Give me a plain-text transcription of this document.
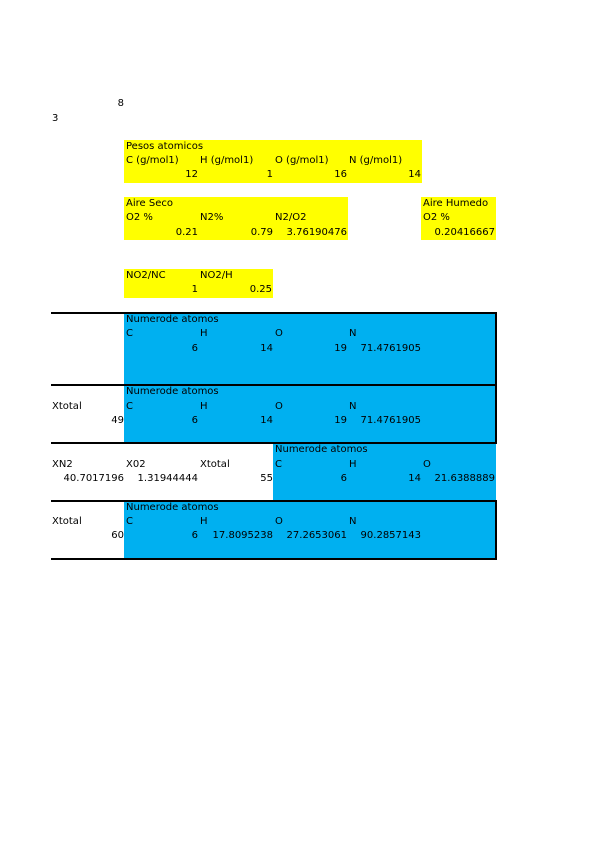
8
3
Pesos atomicos
C (g/mol1) H (g/mol1) O (g/mol1) N (g/mol1)
12	1	16	14
Aire Seco
O2 %	N2%	N2/O2
0.21	0.79	3.76190476
Aire Humedo
O2 %
0.20416667
NO2/NC	NO2/H
1	0.25
Numerode atomos
C	H	O	N
6	14	19	71.4761905
Numerode atomos
Xtotal	C	H	O	N
49	6	14	19	71.4761905
Numerode atomos
XN2	X02	Xtotal	C	H	O
40.7017196	1.31944444	55	6	14	21.6388889
Numerode atomos
Xtotal	C	H	O	N
60	6	17.8095238	27.2653061	90.2857143
